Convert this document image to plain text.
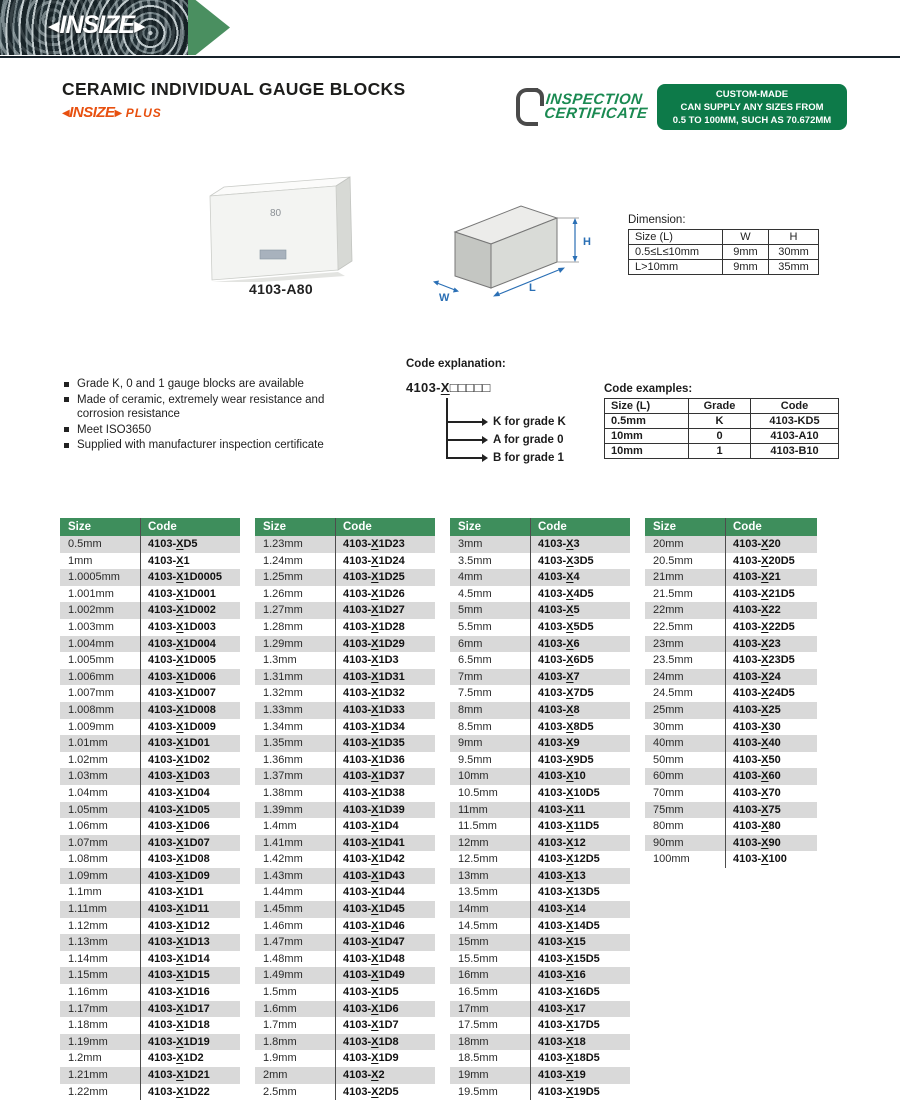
◀ INSIZE▶
CERAMIC INDIVIDUAL GAUGE BLOCKS
◀ INSIZE ▶ PLUS
INSPECTION
CERTIFICATE
CUSTOM-MADE
CAN SUPPLY ANY SIZES FROM
0.5 TO 100MM, SUCH AS 70.672MM
80
4103-A80
H
L
W
Dimension:
Size (L)	W	H
0.5≤L≤10mm	9mm	30mm
L>10mm	9mm	35mm
Grade K, 0 and 1 gauge blocks are available
Made of ceramic, extremely wear resistance and corrosion resistance
Meet ISO3650
Supplied with manufacturer inspection certificate
Code explanation:
4103-X□□□□□
K for grade K
A for grade 0
B for grade 1
Code examples:
Size (L)	Grade	Code
0.5mm	K	4103-KD5
10mm	0	4103-A10
10mm	1	4103-B10
Size	Code
0.5mm	4103-XD5
1mm	4103-X1
1.0005mm	4103-X1D0005
1.001mm	4103-X1D001
1.002mm	4103-X1D002
1.003mm	4103-X1D003
1.004mm	4103-X1D004
1.005mm	4103-X1D005
1.006mm	4103-X1D006
1.007mm	4103-X1D007
1.008mm	4103-X1D008
1.009mm	4103-X1D009
1.01mm	4103-X1D01
1.02mm	4103-X1D02
1.03mm	4103-X1D03
1.04mm	4103-X1D04
1.05mm	4103-X1D05
1.06mm	4103-X1D06
1.07mm	4103-X1D07
1.08mm	4103-X1D08
1.09mm	4103-X1D09
1.1mm	4103-X1D1
1.11mm	4103-X1D11
1.12mm	4103-X1D12
1.13mm	4103-X1D13
1.14mm	4103-X1D14
1.15mm	4103-X1D15
1.16mm	4103-X1D16
1.17mm	4103-X1D17
1.18mm	4103-X1D18
1.19mm	4103-X1D19
1.2mm	4103-X1D2
1.21mm	4103-X1D21
1.22mm	4103-X1D22
Size	Code
1.23mm	4103-X1D23
1.24mm	4103-X1D24
1.25mm	4103-X1D25
1.26mm	4103-X1D26
1.27mm	4103-X1D27
1.28mm	4103-X1D28
1.29mm	4103-X1D29
1.3mm	4103-X1D3
1.31mm	4103-X1D31
1.32mm	4103-X1D32
1.33mm	4103-X1D33
1.34mm	4103-X1D34
1.35mm	4103-X1D35
1.36mm	4103-X1D36
1.37mm	4103-X1D37
1.38mm	4103-X1D38
1.39mm	4103-X1D39
1.4mm	4103-X1D4
1.41mm	4103-X1D41
1.42mm	4103-X1D42
1.43mm	4103-X1D43
1.44mm	4103-X1D44
1.45mm	4103-X1D45
1.46mm	4103-X1D46
1.47mm	4103-X1D47
1.48mm	4103-X1D48
1.49mm	4103-X1D49
1.5mm	4103-X1D5
1.6mm	4103-X1D6
1.7mm	4103-X1D7
1.8mm	4103-X1D8
1.9mm	4103-X1D9
2mm	4103-X2
2.5mm	4103-X2D5
Size	Code
3mm	4103-X3
3.5mm	4103-X3D5
4mm	4103-X4
4.5mm	4103-X4D5
5mm	4103-X5
5.5mm	4103-X5D5
6mm	4103-X6
6.5mm	4103-X6D5
7mm	4103-X7
7.5mm	4103-X7D5
8mm	4103-X8
8.5mm	4103-X8D5
9mm	4103-X9
9.5mm	4103-X9D5
10mm	4103-X10
10.5mm	4103-X10D5
11mm	4103-X11
11.5mm	4103-X11D5
12mm	4103-X12
12.5mm	4103-X12D5
13mm	4103-X13
13.5mm	4103-X13D5
14mm	4103-X14
14.5mm	4103-X14D5
15mm	4103-X15
15.5mm	4103-X15D5
16mm	4103-X16
16.5mm	4103-X16D5
17mm	4103-X17
17.5mm	4103-X17D5
18mm	4103-X18
18.5mm	4103-X18D5
19mm	4103-X19
19.5mm	4103-X19D5
Size	Code
20mm	4103-X20
20.5mm	4103-X20D5
21mm	4103-X21
21.5mm	4103-X21D5
22mm	4103-X22
22.5mm	4103-X22D5
23mm	4103-X23
23.5mm	4103-X23D5
24mm	4103-X24
24.5mm	4103-X24D5
25mm	4103-X25
30mm	4103-X30
40mm	4103-X40
50mm	4103-X50
60mm	4103-X60
70mm	4103-X70
75mm	4103-X75
80mm	4103-X80
90mm	4103-X90
100mm	4103-X100
